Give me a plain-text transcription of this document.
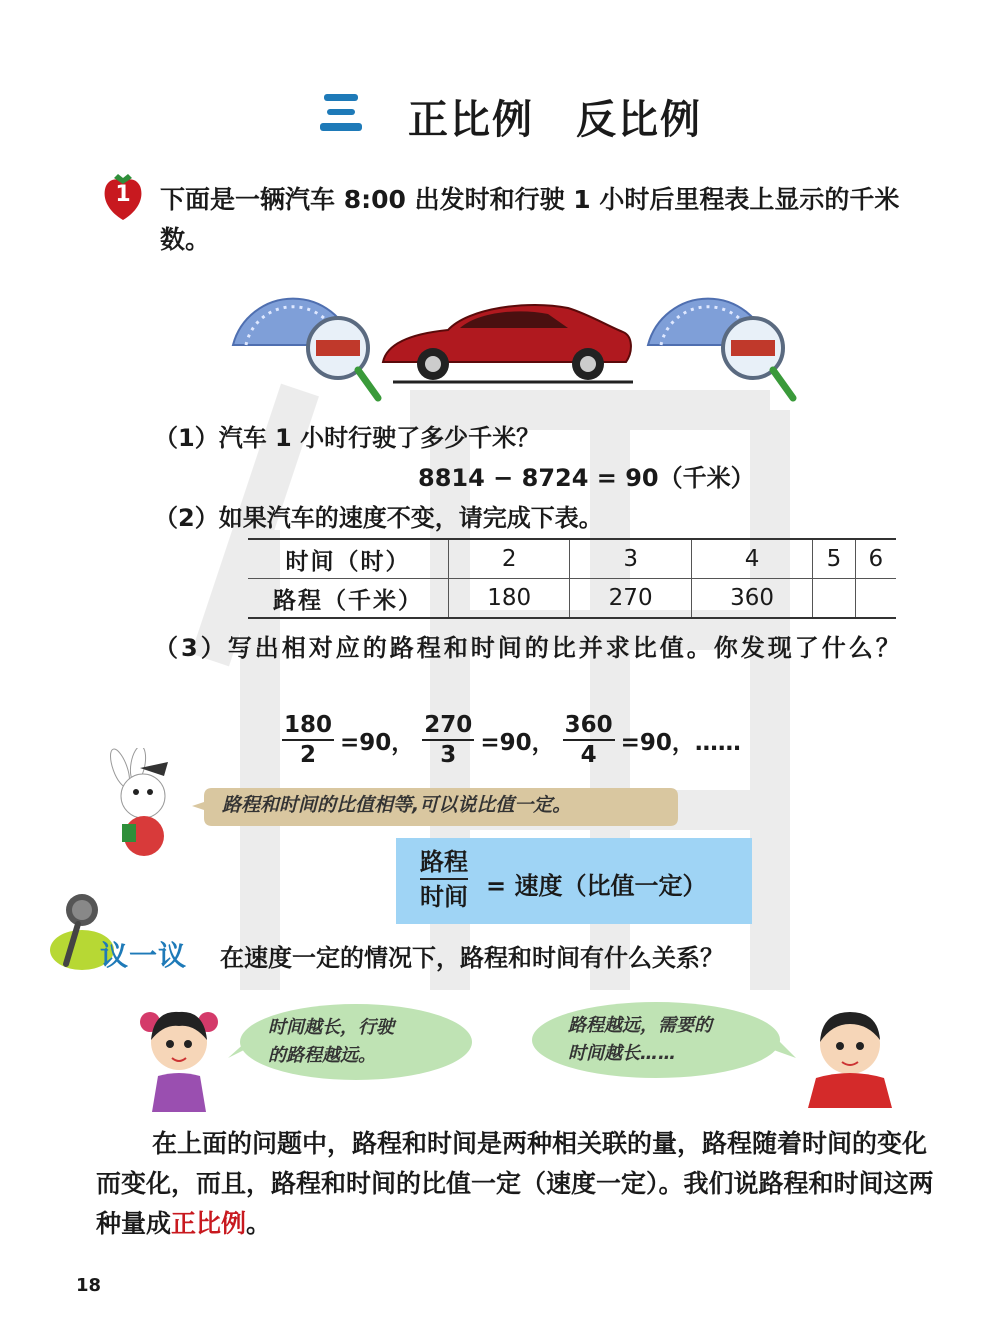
正比例　反比例
1	下面是一辆汽车 8:00 出发时和行驶 1 小时后里程表上显示的千米数。
（1）汽车 1 小时行驶了多少千米？
8814 − 8724 = 90（千米）
（2）如果汽车的速度不变，请完成下表。
时间（时）	2	3	4	5	6
路程（千米）	180	270	360		
（3）写出相对应的路程和时间的比并求比值。你发现了什么？
$\frac{180}{2} =90$， $\frac{270}{3} =90$， $\frac{360}{4} =90$，……
路程和时间的比值相等,可以说比值一定。
路程
时间 = 速度（比值一定）
议一议 在速度一定的情况下，路程和时间有什么关系？
时间越长，行驶
的路程越远。
路程越远，需要的
时间越长……
在上面的问题中，路程和时间是两种相关联的量，路程随着时间的变化而变化，而且，路程和时间的比值一定（速度一定）。我们说路程和时间这两种量成正比例。
18
